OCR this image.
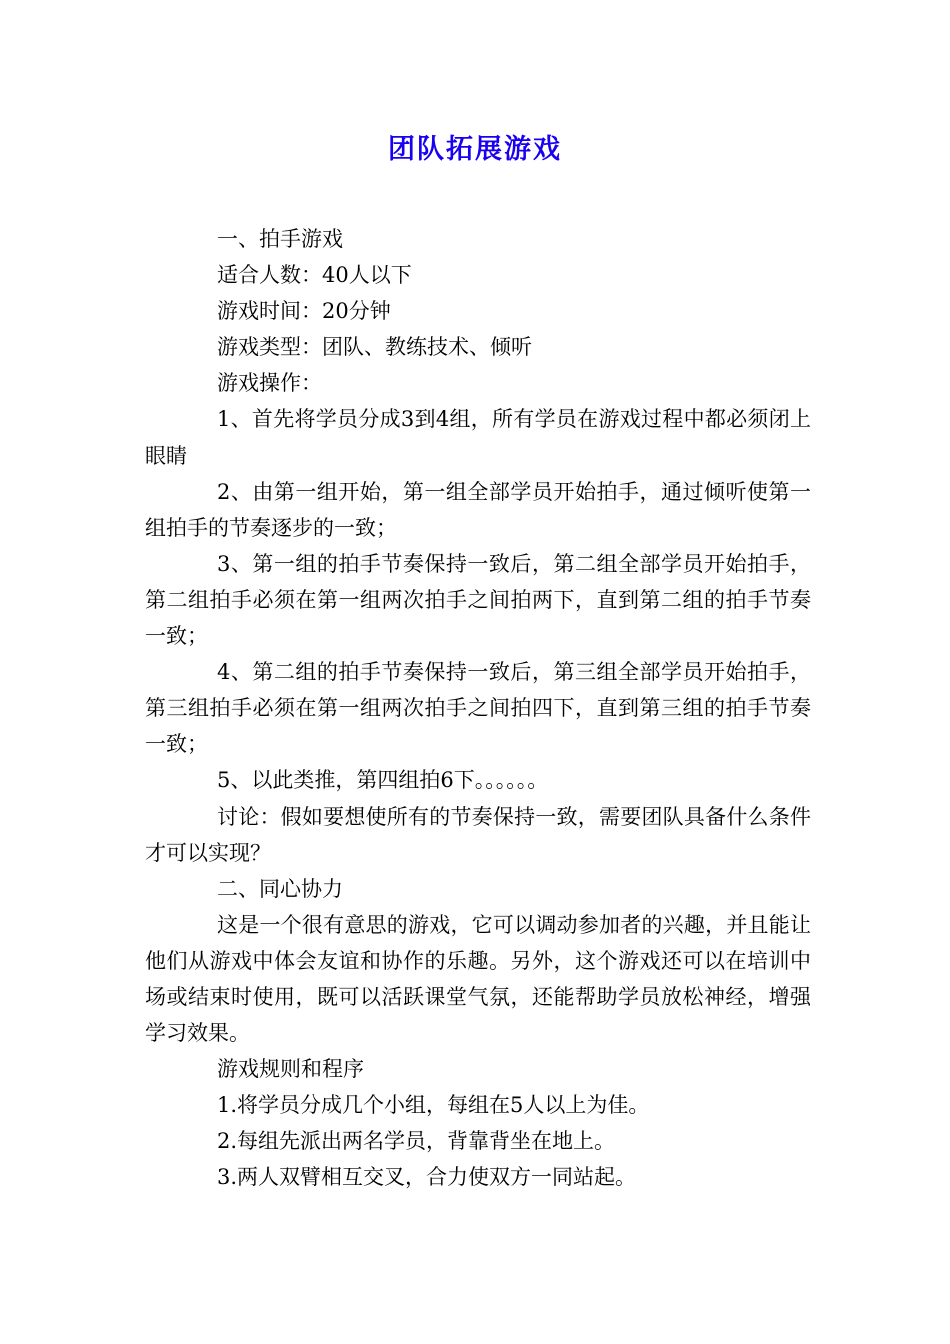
团队拓展游戏

一、拍手游戏

适合人数：40人以下

游戏时间：20分钟

游戏类型：团队、教练技术、倾听

游戏操作：

1、首先将学员分成3到4组，所有学员在游戏过程中都必须闭上眼睛

2、由第一组开始，第一组全部学员开始拍手，通过倾听使第一组拍手的节奏逐步的一致；

3、第一组的拍手节奏保持一致后，第二组全部学员开始拍手，第二组拍手必须在第一组两次拍手之间拍两下，直到第二组的拍手节奏一致；

4、第二组的拍手节奏保持一致后，第三组全部学员开始拍手，第三组拍手必须在第一组两次拍手之间拍四下，直到第三组的拍手节奏一致；

5、以此类推，第四组拍6下。。。。。。

讨论：假如要想使所有的节奏保持一致，需要团队具备什么条件才可以实现？

二、同心协力

这是一个很有意思的游戏，它可以调动参加者的兴趣，并且能让他们从游戏中体会友谊和协作的乐趣。另外，这个游戏还可以在培训中场或结束时使用，既可以活跃课堂气氛，还能帮助学员放松神经，增强学习效果。

游戏规则和程序

1.将学员分成几个小组，每组在5人以上为佳。

2.每组先派出两名学员，背靠背坐在地上。

3.两人双臂相互交叉，合力使双方一同站起。
